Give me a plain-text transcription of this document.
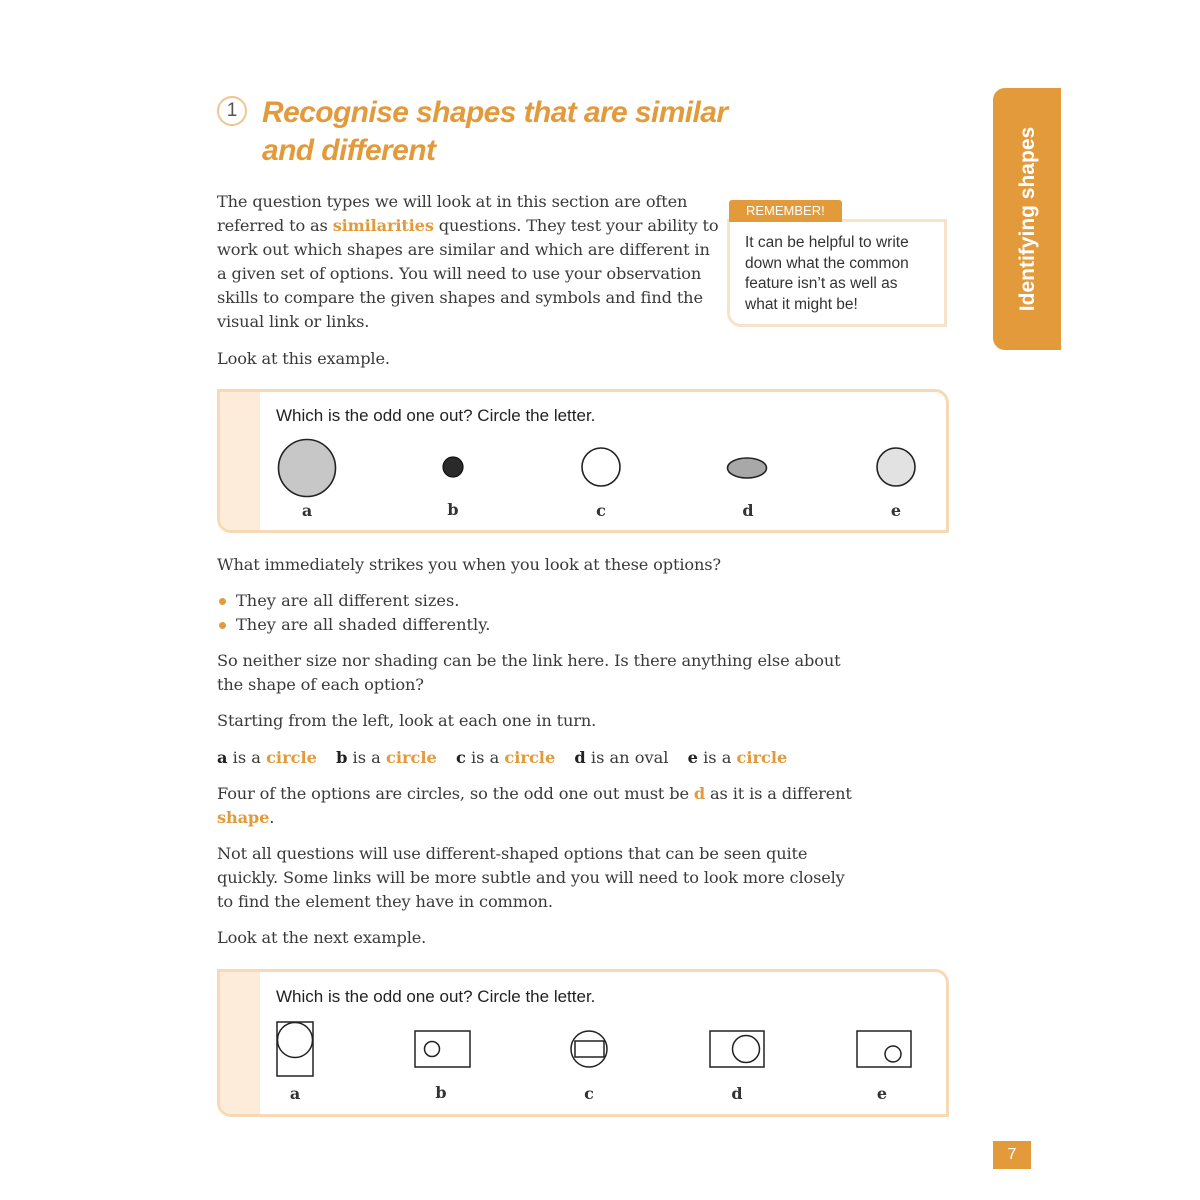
1 Recognise shapes that are similar
and different

The question types we will look at in this section are often
referred to as similarities questions. They test your ability to
work out which shapes are similar and which are different in
a given set of options. You will need to use your observation
skills to compare the given shapes and symbols and find the
visual link or links.

Look at this example.

REMEMBER!

It can be helpful to write
down what the common
feature isn’t as well as
what it might be!	Identifying shapes

Which is the odd one out? Circle the letter.

a	b	c	d	e

What immediately strikes you when you look at these options?

They are all different sizes.
They are all shaded differently.

So neither size nor shading can be the link here. Is there anything else about
the shape of each option?

Starting from the left, look at each one in turn.

a is a circle b is a circle c is a circle d is an oval e is a circle

Four of the options are circles, so the odd one out must be d as it is a different
shape.

Not all questions will use different-shaped options that can be seen quite
quickly. Some links will be more subtle and you will need to look more closely
to find the element they have in common.

Look at the next example.

Which is the odd one out? Circle the letter.

a	b	c	d	e
7
